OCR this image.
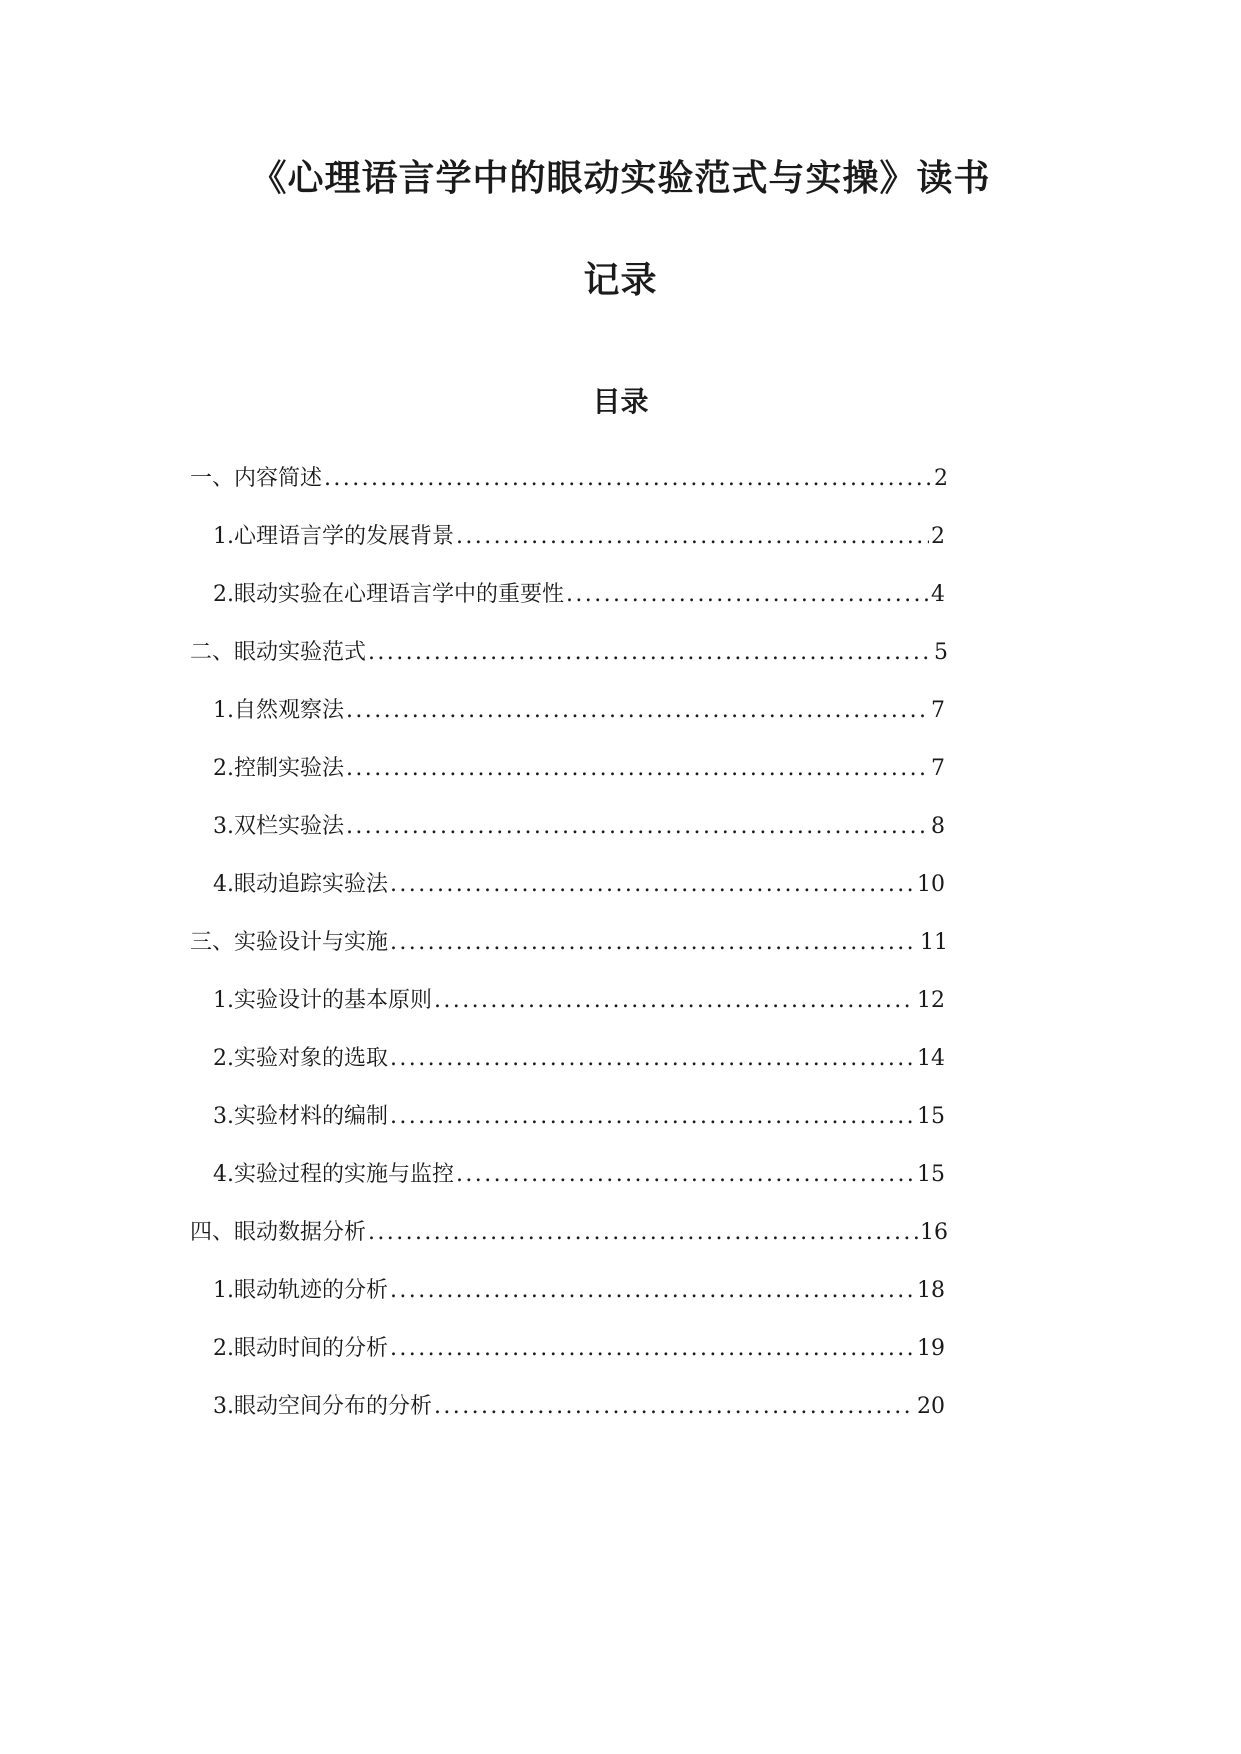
《心理语言学中的眼动实验范式与实操》读书
记录
目录
一、内容简述 .....	2
1. 心理语言学的发展背景 .....	2
2. 眼动实验在心理语言学中的重要性 .....	4
二、眼动实验范式 .....	5
1. 自然观察法 .....	7
2. 控制实验法 .....	7
3. 双栏实验法 .....	8
4. 眼动追踪实验法 .....	10
三、实验设计与实施 .....	11
1. 实验设计的基本原则 .....	12
2. 实验对象的选取 .....	14
3. 实验材料的编制 .....	15
4. 实验过程的实施与监控 .....	15
四、眼动数据分析 .....	16
1. 眼动轨迹的分析 .....	18
2. 眼动时间的分析 .....	19
3. 眼动空间分布的分析 .....	20
